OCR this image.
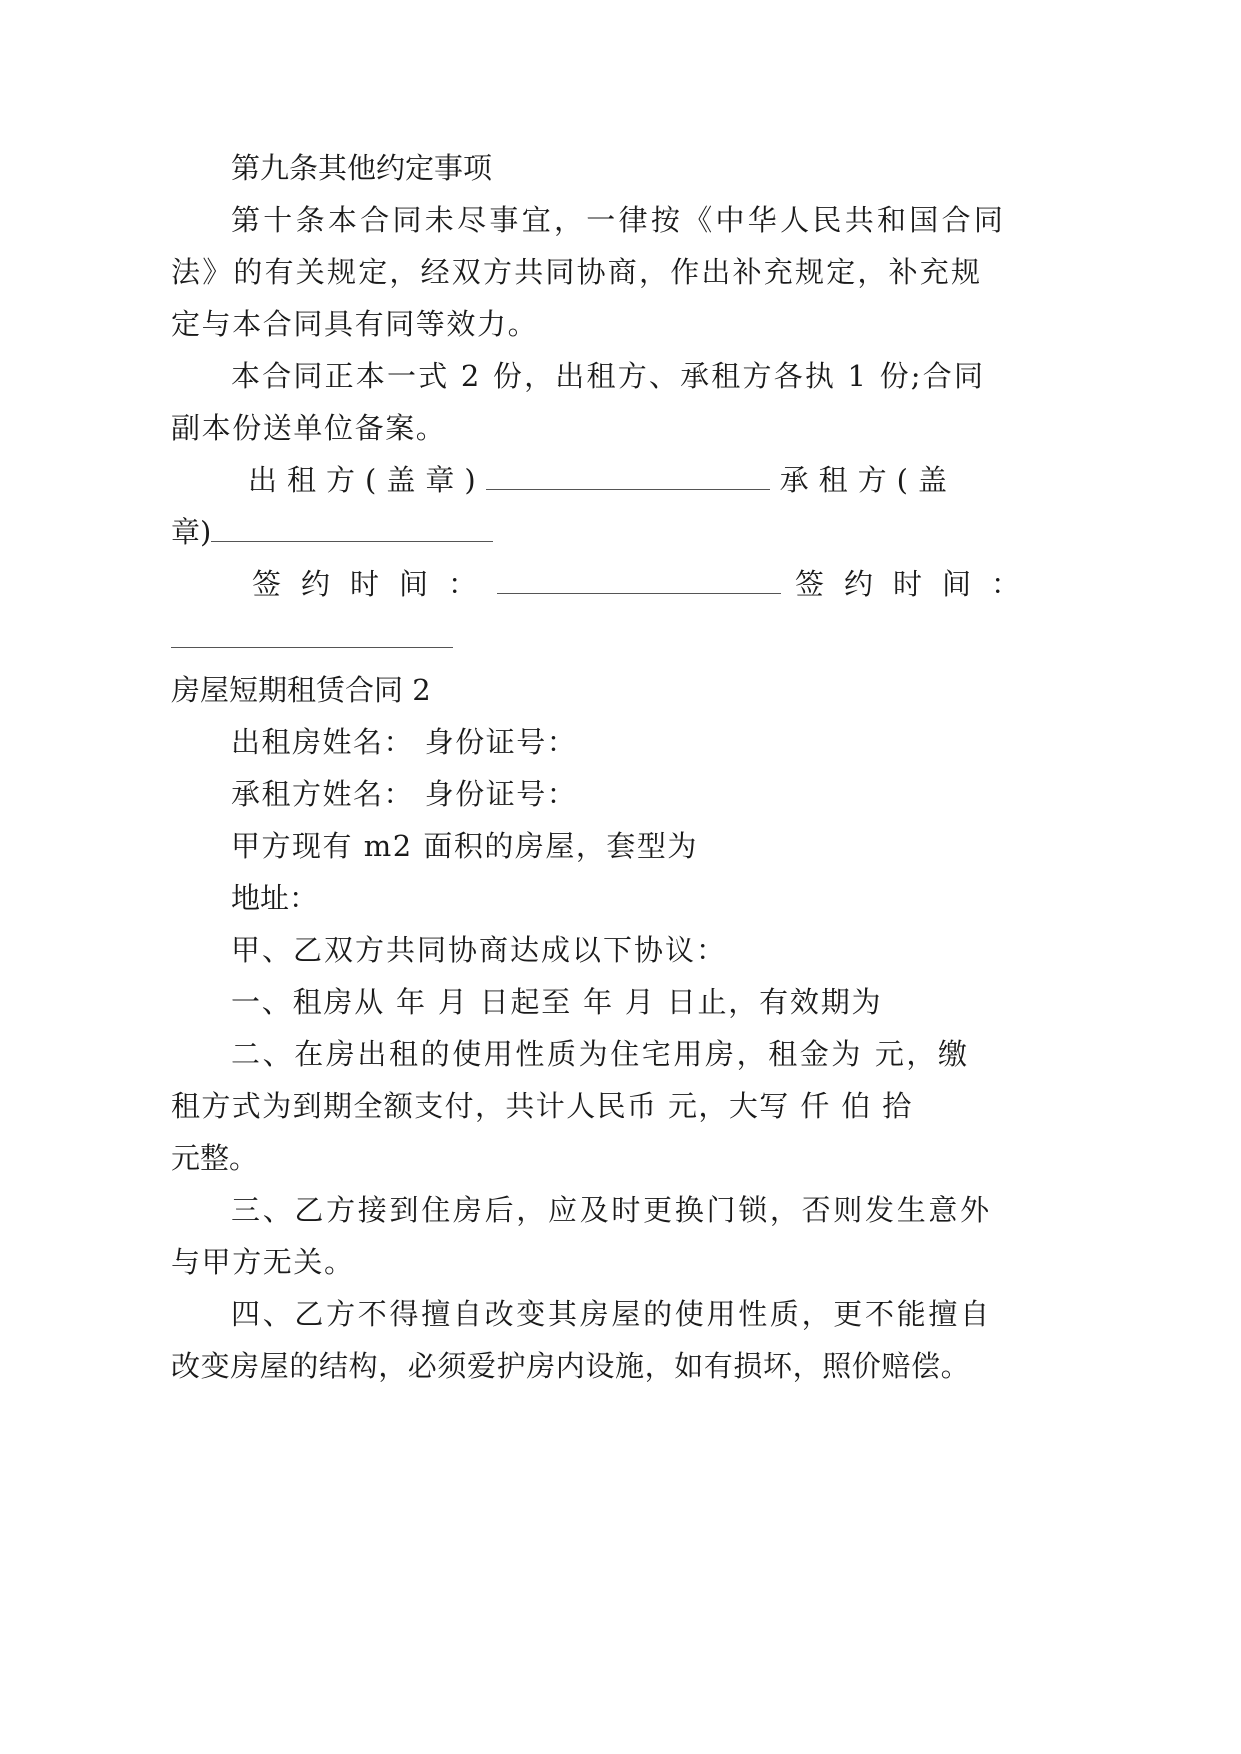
第九条其他约定事项

第十条本合同未尽事宜，一律按《中华人民共和国合同

法》的有关规定，经双方共同协商，作出补充规定，补充规

定与本合同具有同等效力。

本合同正本一式 2 份，出租方、承租方各执 1 份;合同

副本份送单位备案。

出租方(盖章)	承租方(盖
章)
签约时间：	签约时间：

房屋短期租赁合同 2

出租房姓名： 身份证号：

承租方姓名： 身份证号：

甲方现有 m2 面积的房屋，套型为

地址：

甲、乙双方共同协商达成以下协议：

一、租房从 年 月 日起至 年 月 日止，有效期为

二、在房出租的使用性质为住宅用房，租金为 元，缴

租方式为到期全额支付，共计人民币 元，大写 仟 伯 拾

元整。

三、乙方接到住房后，应及时更换门锁，否则发生意外

与甲方无关。

四、乙方不得擅自改变其房屋的使用性质，更不能擅自

改变房屋的结构，必须爱护房内设施，如有损坏，照价赔偿。
